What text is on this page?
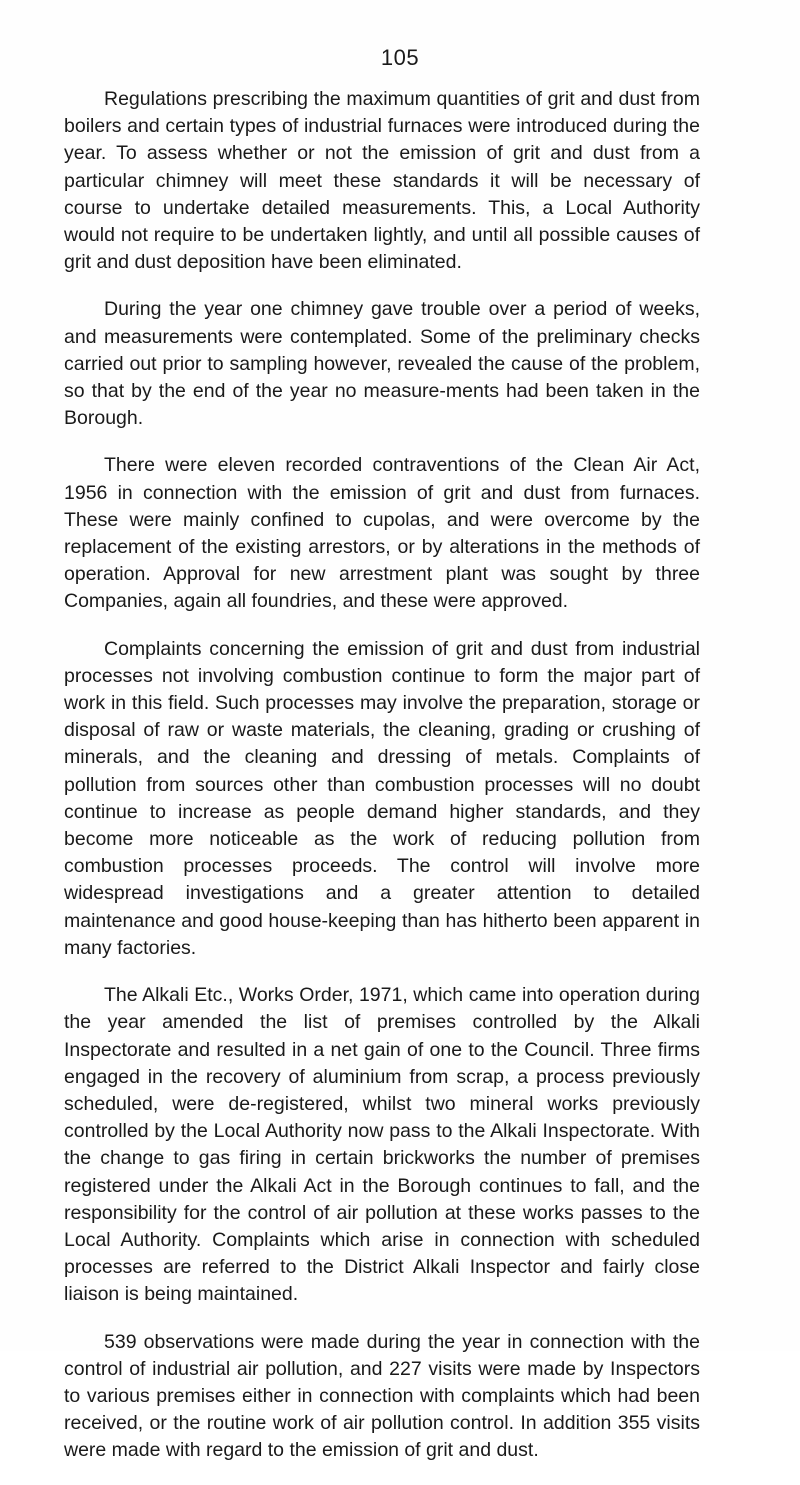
105

Regulations prescribing the maximum quantities of grit and dust from boilers and certain types of industrial furnaces were introduced during the year. To assess whether or not the emission of grit and dust from a particular chimney will meet these standards it will be necessary of course to undertake detailed measurements. This, a Local Authority would not require to be undertaken lightly, and until all possible causes of grit and dust deposition have been eliminated.

During the year one chimney gave trouble over a period of weeks, and measurements were contemplated. Some of the preliminary checks carried out prior to sampling however, revealed the cause of the problem, so that by the end of the year no measure-ments had been taken in the Borough.

There were eleven recorded contraventions of the Clean Air Act, 1956 in connection with the emission of grit and dust from furnaces. These were mainly confined to cupolas, and were overcome by the replacement of the existing arrestors, or by alterations in the methods of operation. Approval for new arrestment plant was sought by three Companies, again all foundries, and these were approved.

Complaints concerning the emission of grit and dust from industrial processes not involving combustion continue to form the major part of work in this field. Such processes may involve the preparation, storage or disposal of raw or waste materials, the cleaning, grading or crushing of minerals, and the cleaning and dressing of metals. Complaints of pollution from sources other than combustion processes will no doubt continue to increase as people demand higher standards, and they become more noticeable as the work of reducing pollution from combustion processes proceeds. The control will involve more widespread investigations and a greater attention to detailed maintenance and good house-keeping than has hitherto been apparent in many factories.

The Alkali Etc., Works Order, 1971, which came into operation during the year amended the list of premises controlled by the Alkali Inspectorate and resulted in a net gain of one to the Council. Three firms engaged in the recovery of aluminium from scrap, a process previously scheduled, were de-registered, whilst two mineral works previously controlled by the Local Authority now pass to the Alkali Inspectorate. With the change to gas firing in certain brickworks the number of premises registered under the Alkali Act in the Borough continues to fall, and the responsibility for the control of air pollution at these works passes to the Local Authority. Complaints which arise in connection with scheduled processes are referred to the District Alkali Inspector and fairly close liaison is being maintained.

539 observations were made during the year in connection with the control of industrial air pollution, and 227 visits were made by Inspectors to various premises either in connection with complaints which had been received, or the routine work of air pollution control. In addition 355 visits were made with regard to the emission of grit and dust.
